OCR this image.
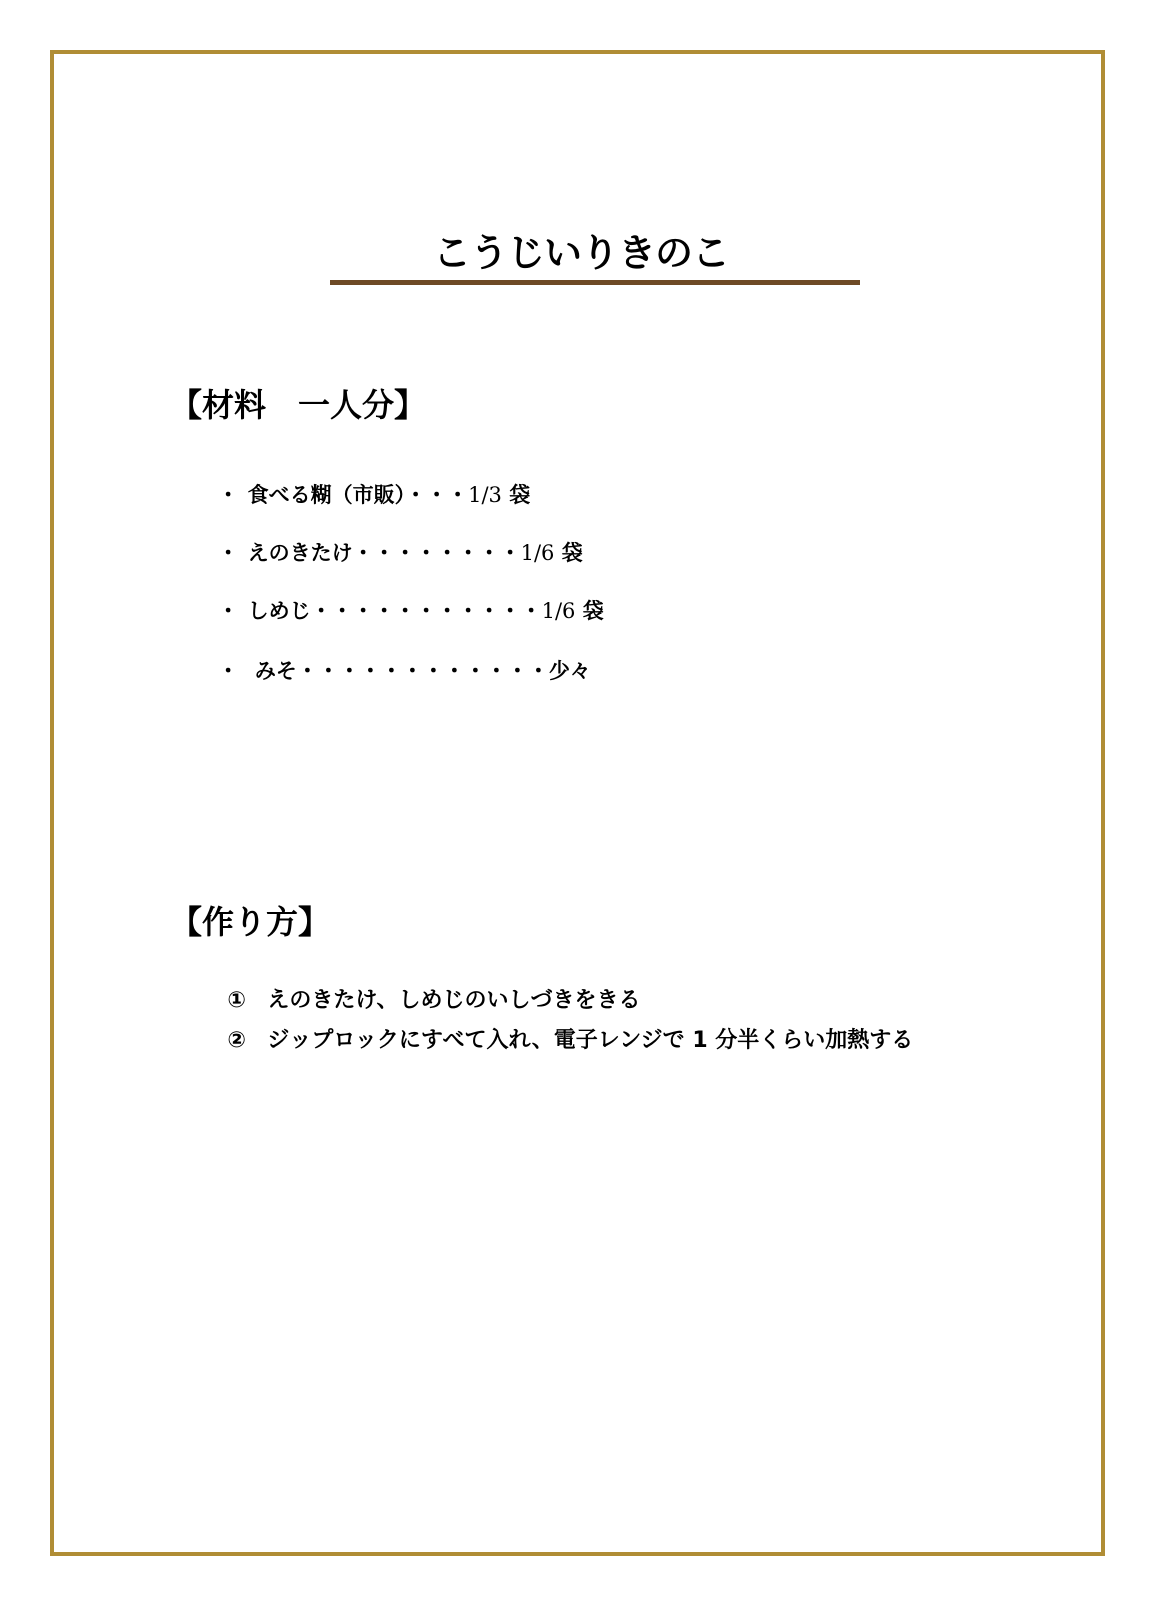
こうじいりきのこ
【材料　一人分】

・ 食べる糊（市販）・・・1/3 袋

・ えのきたけ・・・・・・・・1/6 袋

・ しめじ・・・・・・・・・・・1/6 袋

・ みそ・・・・・・・・・・・・少々

【作り方】

① えのきたけ、しめじのいしづきをきる

② ジップロックにすべて入れ、電子レンジで 1 分半くらい加熱する
